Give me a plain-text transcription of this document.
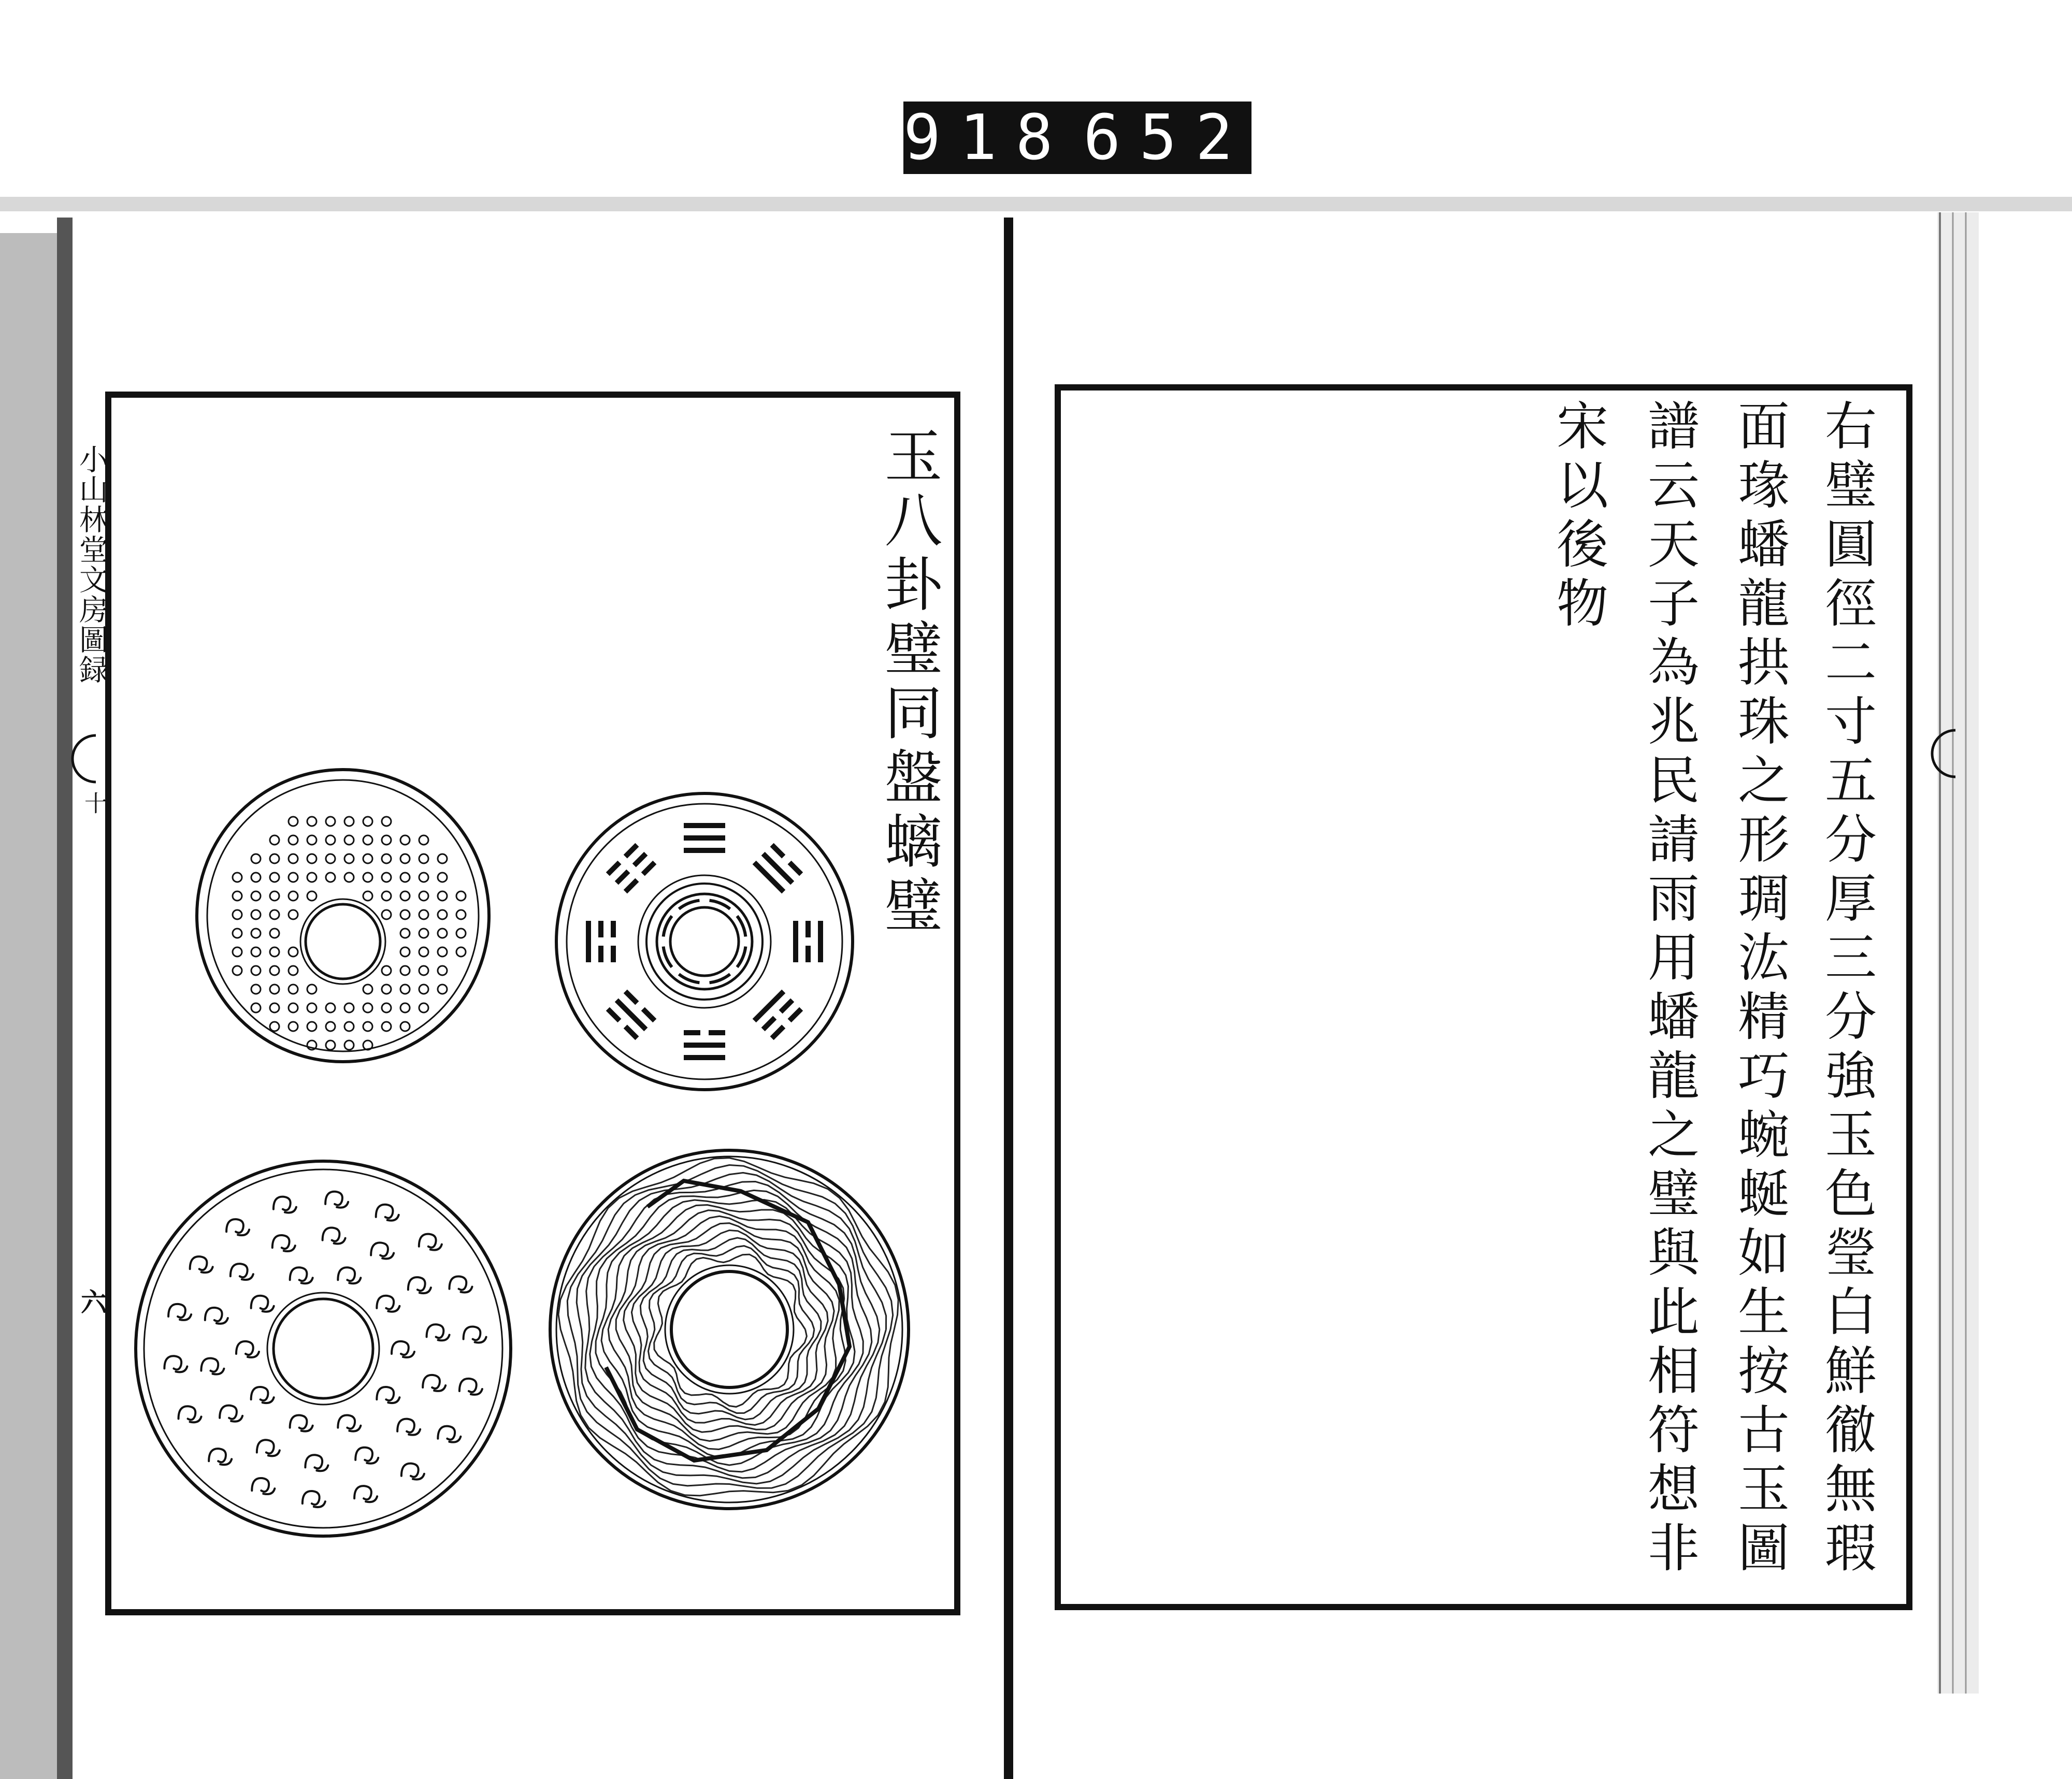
918 652
小山林堂文房圖録
十
六
玉八卦璧同盤螭璧	右璧圓徑二寸五分厚三分強玉色瑩白鮮徹無瑕
面瑑蟠龍拱珠之形琱汯精巧蜿蜒如生按古玉圖
譜云天子為兆民請雨用蟠龍之璧與此相符想非
宋以後物
